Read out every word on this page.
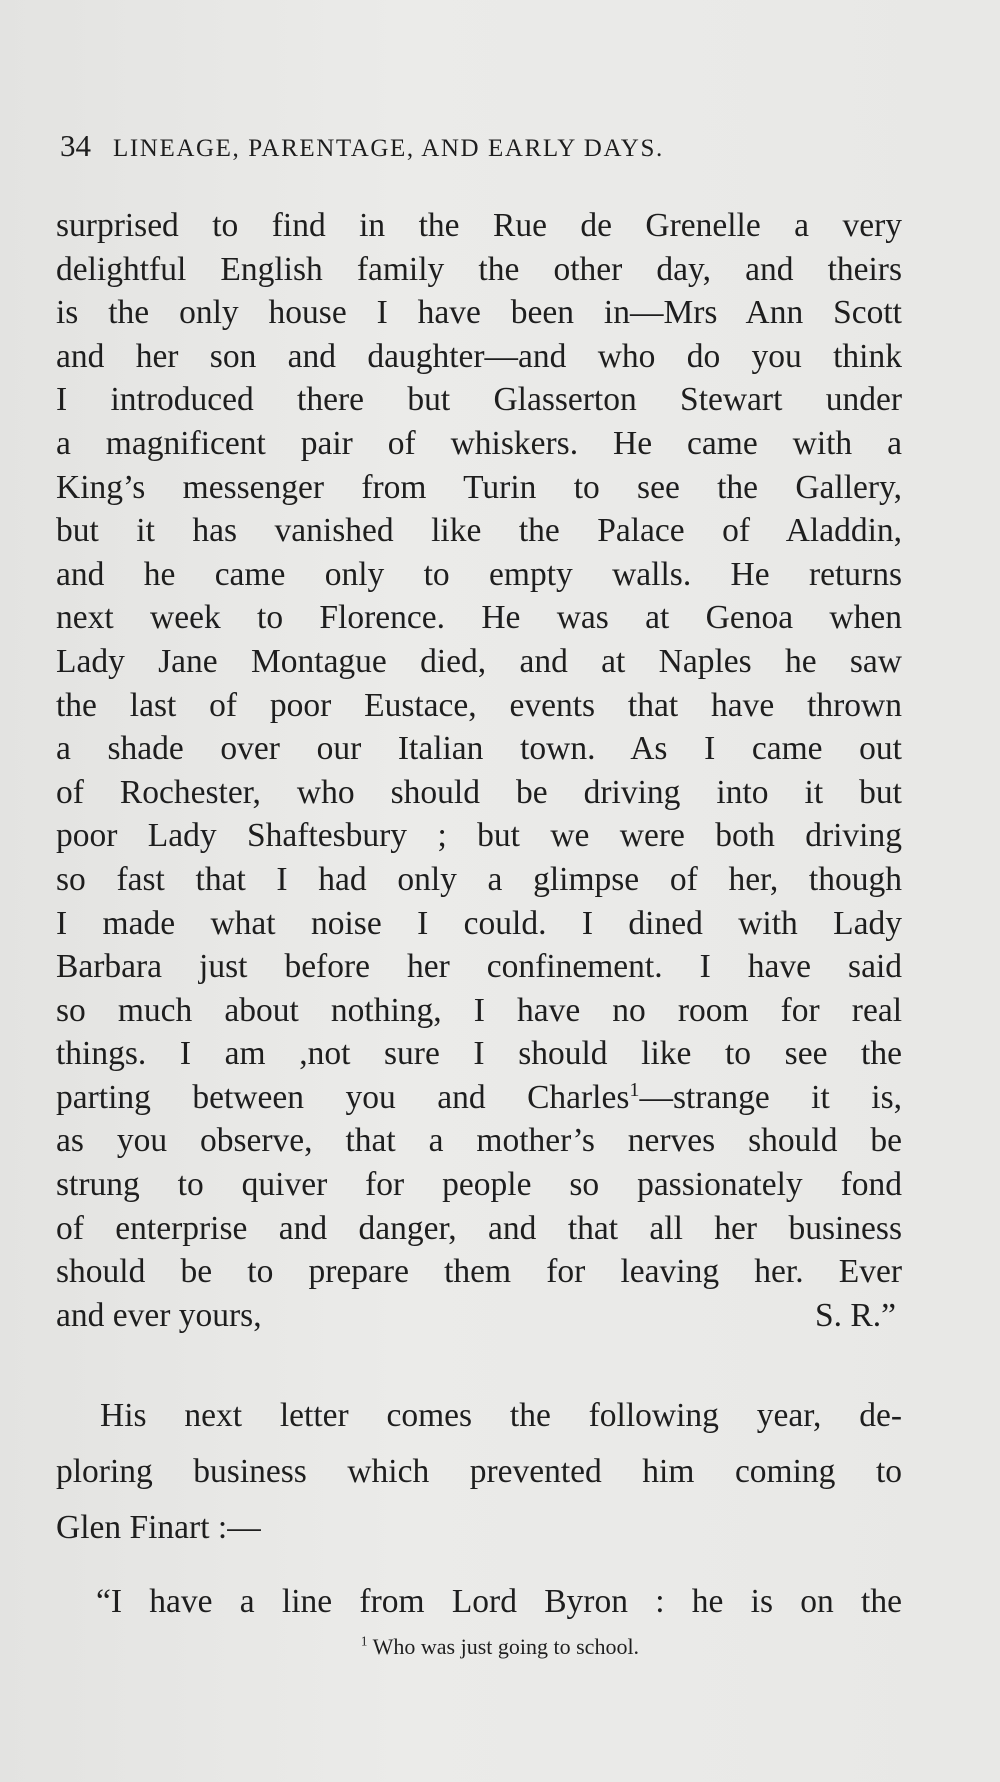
34 LINEAGE, PARENTAGE, AND EARLY DAYS.
surprised to find in the Rue de Grenelle a very
delightful English family the other day, and theirs
is the only house I have been in—Mrs Ann Scott
and her son and daughter—and who do you think
I introduced there but Glasserton Stewart under
a magnificent pair of whiskers. He came with a
King’s messenger from Turin to see the Gallery,
but it has vanished like the Palace of Aladdin,
and he came only to empty walls. He returns
next week to Florence. He was at Genoa when
Lady Jane Montague died, and at Naples he saw
the last of poor Eustace, events that have thrown
a shade over our Italian town. As I came out
of Rochester, who should be driving into it but
poor Lady Shaftesbury ; but we were both driving
so fast that I had only a glimpse of her, though
I made what noise I could. I dined with Lady
Barbara just before her confinement. I have said
so much about nothing, I have no room for real
things. I am ,not sure I should like to see the
parting between you and Charles$^1$—strange it is,
as you observe, that a mother’s nerves should be
strung to quiver for people so passionately fond
of enterprise and danger, and that all her business
should be to prepare them for leaving her. Ever
and ever yours,	S. R.”
His next letter comes the following year, de-
ploring business which prevented him coming to
Glen Finart :—
“I have a line from Lord Byron : he is on the
$^1$ Who was just going to school.
